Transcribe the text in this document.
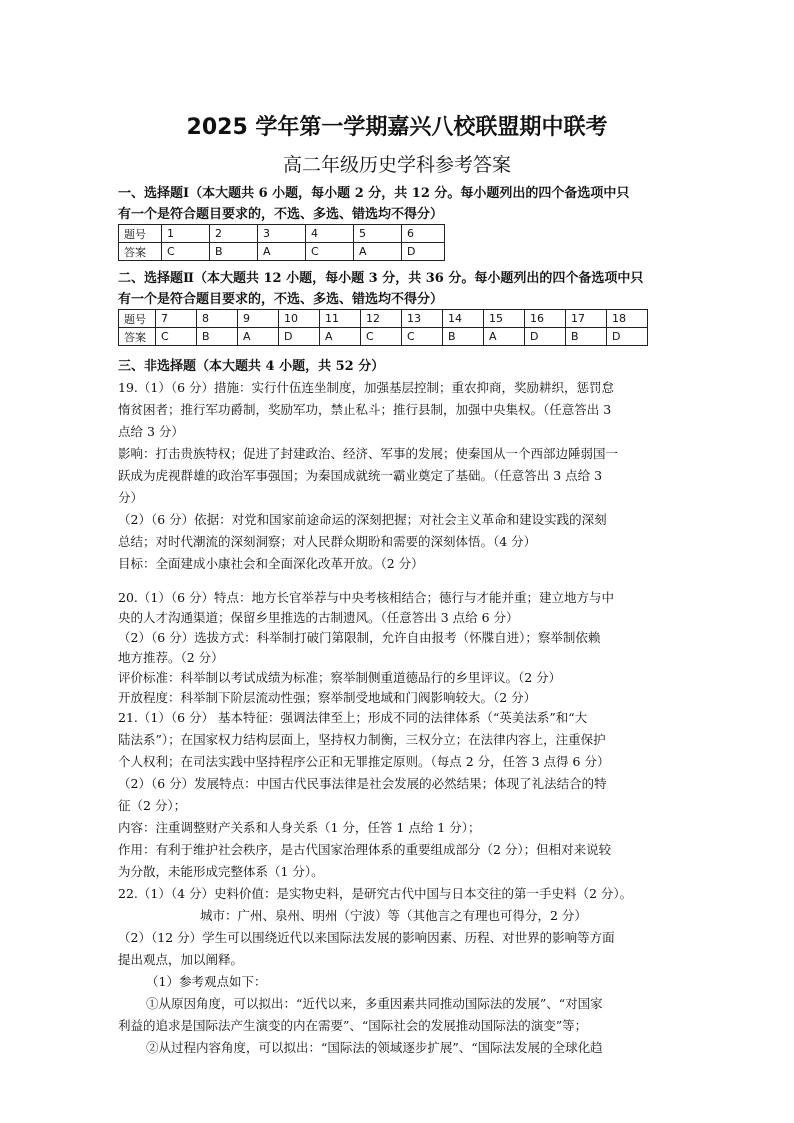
2025 学年第一学期嘉兴八校联盟期中联考
高二年级历史学科参考答案
一、选择题Ⅰ（本大题共 6 小题，每小题 2 分，共 12 分。每小题列出的四个备选项中只
有一个是符合题目要求的，不选、多选、错选均不得分）
题号	1	2	3	4	5	6
答案	C	B	A	C	A	D
二、选择题Ⅱ（本大题共 12 小题，每小题 3 分，共 36 分。每小题列出的四个备选项中只
有一个是符合题目要求的，不选、多选、错选均不得分）
题号	7	8	9	10	11	12	13	14	15	16	17	18
答案	C	B	A	D	A	C	C	B	A	D	B	D
三、非选择题（本大题共 4 小题，共 52 分）
19.（1）（6 分）措施：实行什伍连坐制度，加强基层控制；重农抑商，奖励耕织，惩罚怠
惰贫困者；推行军功爵制，奖励军功，禁止私斗；推行县制，加强中央集权。（任意答出 3
点给 3 分）
影响：打击贵族特权；促进了封建政治、经济、军事的发展；使秦国从一个西部边陲弱国一
跃成为虎视群雄的政治军事强国；为秦国成就统一霸业奠定了基础。（任意答出 3 点给 3
分）
（2）（6 分）依据：对党和国家前途命运的深刻把握；对社会主义革命和建设实践的深刻
总结；对时代潮流的深刻洞察；对人民群众期盼和需要的深刻体悟。（4 分）
目标：全面建成小康社会和全面深化改革开放。（2 分）
20.（1）（6 分）特点：地方长官举荐与中央考核相结合；德行与才能并重；建立地方与中
央的人才沟通渠道；保留乡里推选的古制遗风。（任意答出 3 点给 6 分）
（2）（6 分）选拔方式：科举制打破门第限制，允许自由报考（怀牒自进）；察举制依赖
地方推荐。（2 分）
评价标准：科举制以考试成绩为标准；察举制侧重道德品行的乡里评议。（2 分）
开放程度：科举制下阶层流动性强；察举制受地域和门阀影响较大。（2 分）
21.（1）（6 分） 基本特征：强调法律至上；形成不同的法律体系（“英美法系”和“大
陆法系”）；在国家权力结构层面上，坚持权力制衡，三权分立；在法律内容上，注重保护
个人权利；在司法实践中坚持程序公正和无罪推定原则。（每点 2 分，任答 3 点得 6 分）
（2）（6 分）发展特点：中国古代民事法律是社会发展的必然结果；体现了礼法结合的特
征（2 分）；
内容：注重调整财产关系和人身关系（1 分，任答 1 点给 1 分）；
作用：有利于维护社会秩序，是古代国家治理体系的重要组成部分（2 分）；但相对来说较
为分散，未能形成完整体系（1 分）。
22.（1）（4 分）史料价值：是实物史料，是研究古代中国与日本交往的第一手史料（2 分）。
城市：广州、泉州、明州（宁波）等（其他言之有理也可得分，2 分）
（2）（12 分）学生可以围绕近代以来国际法发展的影响因素、历程、对世界的影响等方面
提出观点，加以阐释。
（1）参考观点如下：
①从原因角度，可以拟出：“近代以来，多重因素共同推动国际法的发展”、“对国家
利益的追求是国际法产生演变的内在需要”、“国际社会的发展推动国际法的演变”等；
②从过程内容角度，可以拟出：“国际法的领域逐步扩展”、“国际法发展的全球化趋
